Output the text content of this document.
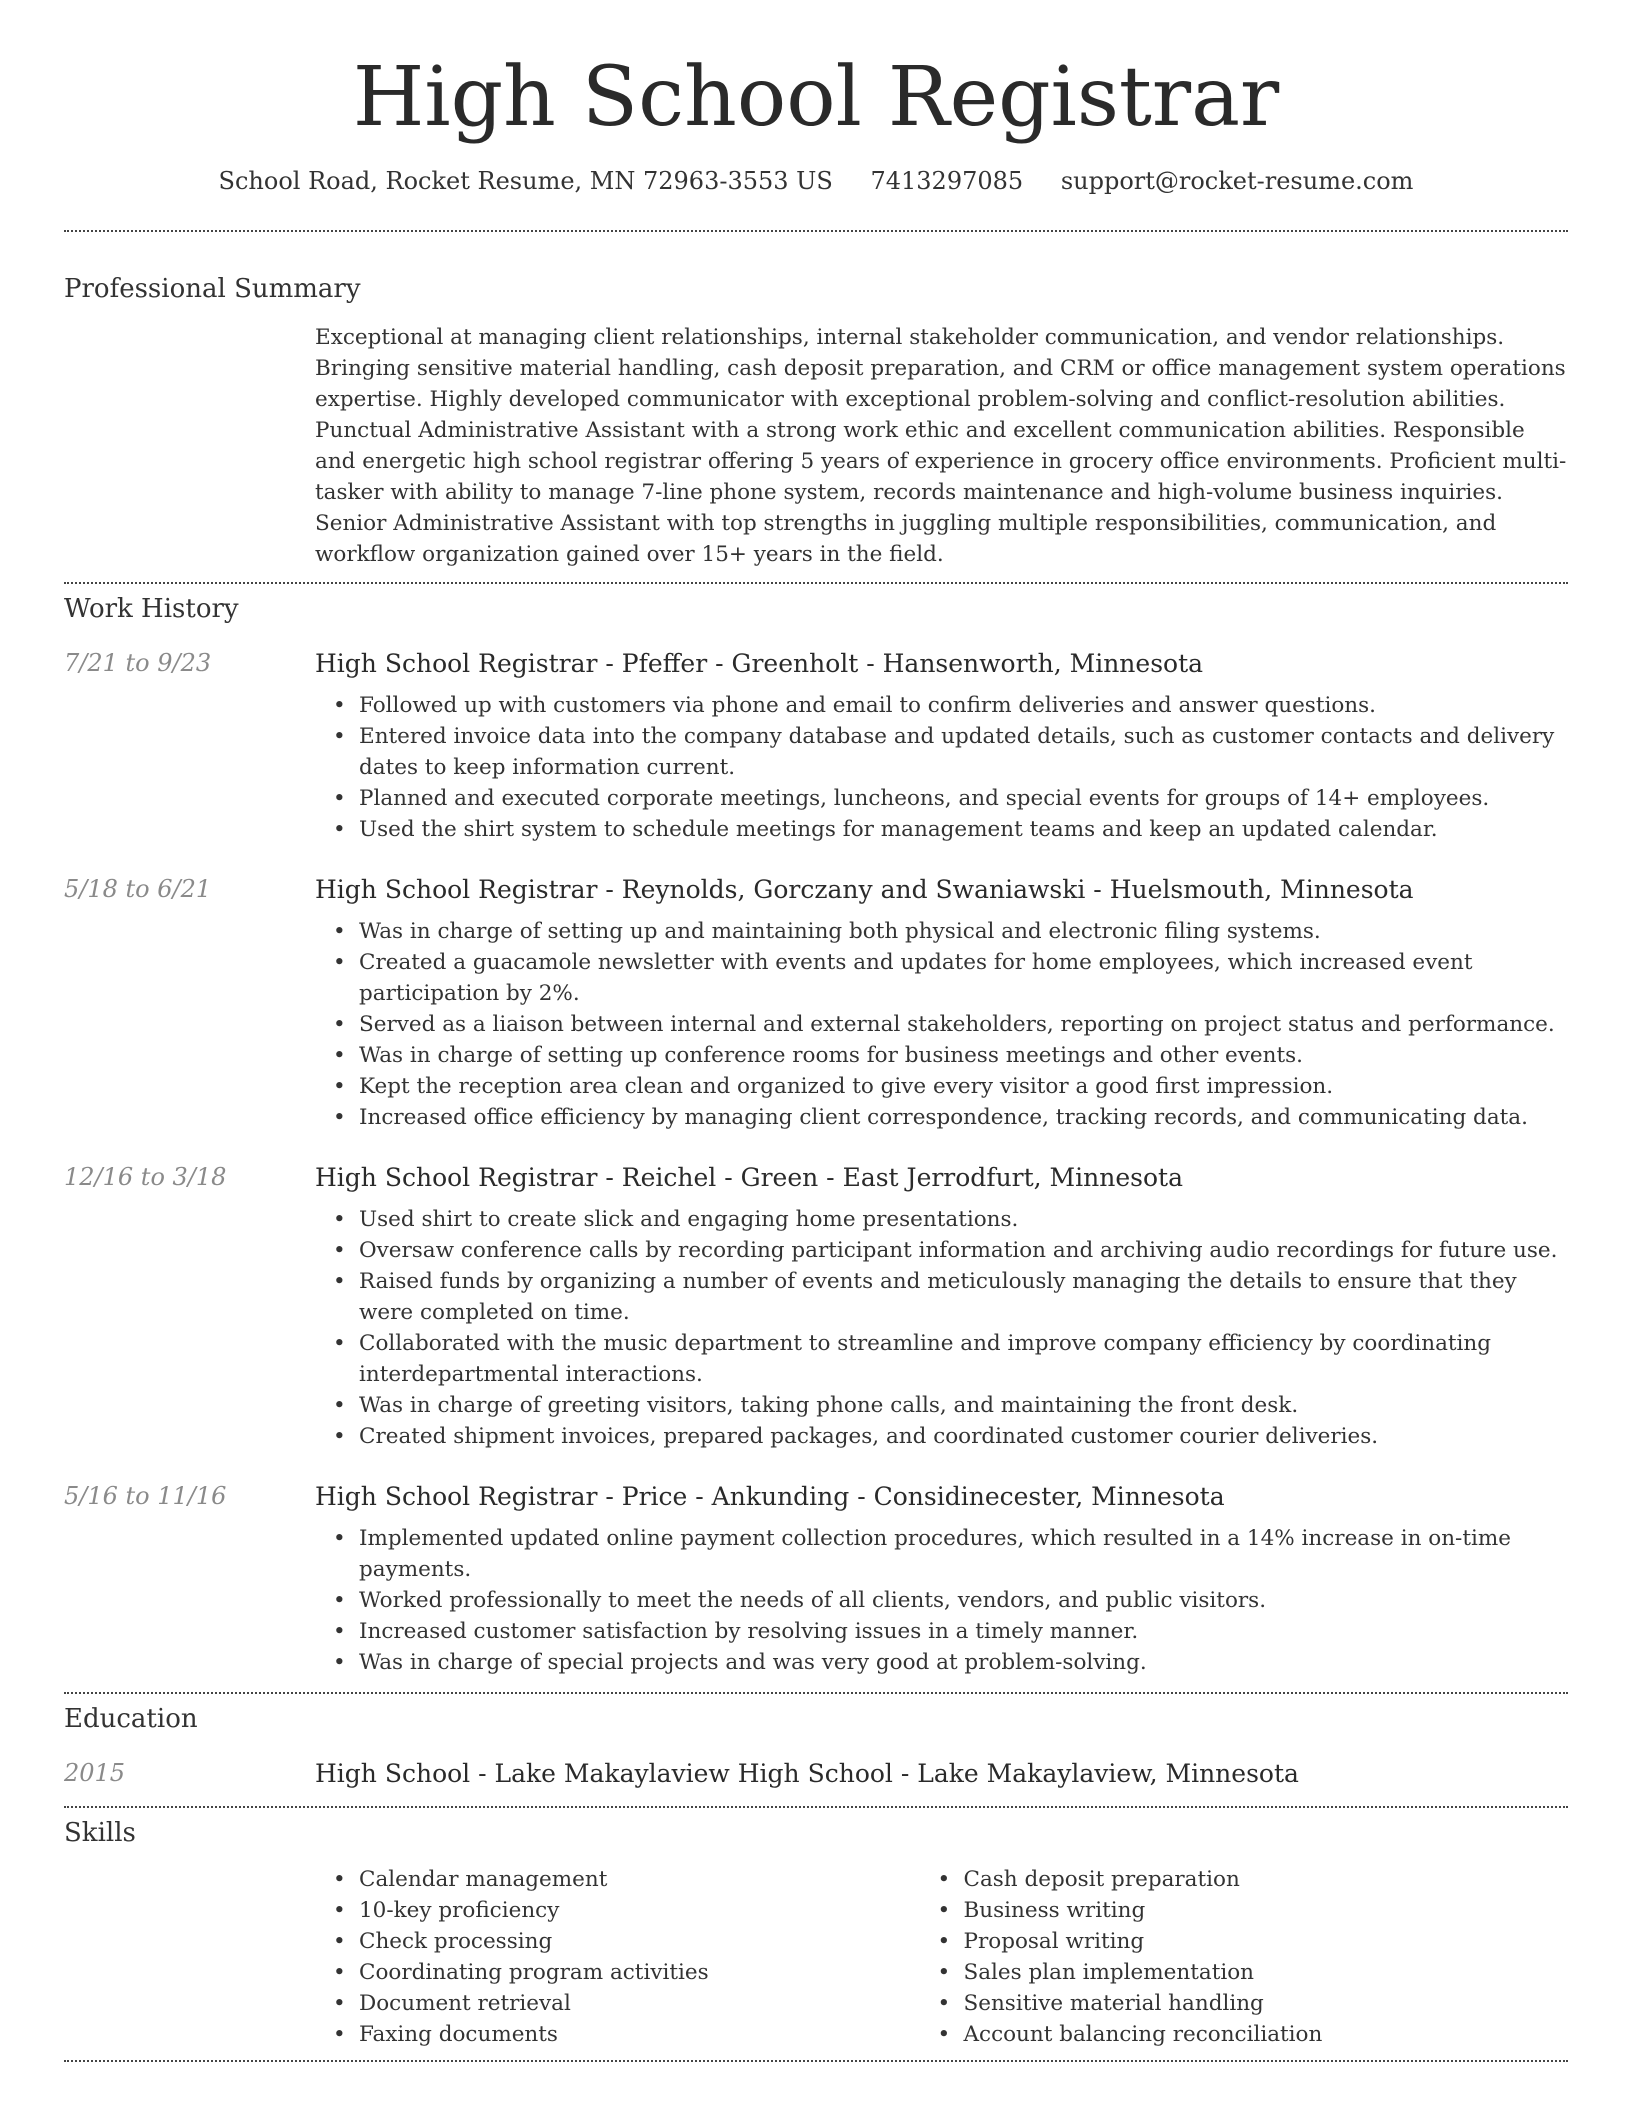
High School Registrar
School Road, Rocket Resume, MN 72963-3553 US 7413297085 support@rocket-resume.com
Professional Summary
Exceptional at managing client relationships, internal stakeholder communication, and vendor relationships. Bringing sensitive material handling, cash deposit preparation, and CRM or office management system operations expertise. Highly developed communicator with exceptional problem-solving and conflict-resolution abilities. Punctual Administrative Assistant with a strong work ethic and excellent communication abilities. Responsible and energetic high school registrar offering 5 years of experience in grocery office environments. Proficient multi-tasker with ability to manage 7-line phone system, records maintenance and high-volume business inquiries. Senior Administrative Assistant with top strengths in juggling multiple responsibilities, communication, and workflow organization gained over 15+ years in the field.
Work History
7/21 to 9/23	High School Registrar - Pfeffer - Greenholt - Hansenworth, Minnesota
• Followed up with customers via phone and email to confirm deliveries and answer questions.
• Entered invoice data into the company database and updated details, such as customer contacts and delivery dates to keep information current.
• Planned and executed corporate meetings, luncheons, and special events for groups of 14+ employees.
• Used the shirt system to schedule meetings for management teams and keep an updated calendar.
5/18 to 6/21	High School Registrar - Reynolds, Gorczany and Swaniawski - Huelsmouth, Minnesota
• Was in charge of setting up and maintaining both physical and electronic filing systems.
• Created a guacamole newsletter with events and updates for home employees, which increased event participation by 2%.
• Served as a liaison between internal and external stakeholders, reporting on project status and performance.
• Was in charge of setting up conference rooms for business meetings and other events.
• Kept the reception area clean and organized to give every visitor a good first impression.
• Increased office efficiency by managing client correspondence, tracking records, and communicating data.
12/16 to 3/18	High School Registrar - Reichel - Green - East Jerrodfurt, Minnesota
• Used shirt to create slick and engaging home presentations.
• Oversaw conference calls by recording participant information and archiving audio recordings for future use.
• Raised funds by organizing a number of events and meticulously managing the details to ensure that they were completed on time.
• Collaborated with the music department to streamline and improve company efficiency by coordinating interdepartmental interactions.
• Was in charge of greeting visitors, taking phone calls, and maintaining the front desk.
• Created shipment invoices, prepared packages, and coordinated customer courier deliveries.
5/16 to 11/16	High School Registrar - Price - Ankunding - Considinecester, Minnesota
• Implemented updated online payment collection procedures, which resulted in a 14% increase in on-time payments.
• Worked professionally to meet the needs of all clients, vendors, and public visitors.
• Increased customer satisfaction by resolving issues in a timely manner.
• Was in charge of special projects and was very good at problem-solving.
Education
2015	High School - Lake Makaylaview High School - Lake Makaylaview, Minnesota
Skills
• Calendar management
• 10-key proficiency
• Check processing
• Coordinating program activities
• Document retrieval
• Faxing documents
• Cash deposit preparation
• Business writing
• Proposal writing
• Sales plan implementation
• Sensitive material handling
• Account balancing reconciliation
